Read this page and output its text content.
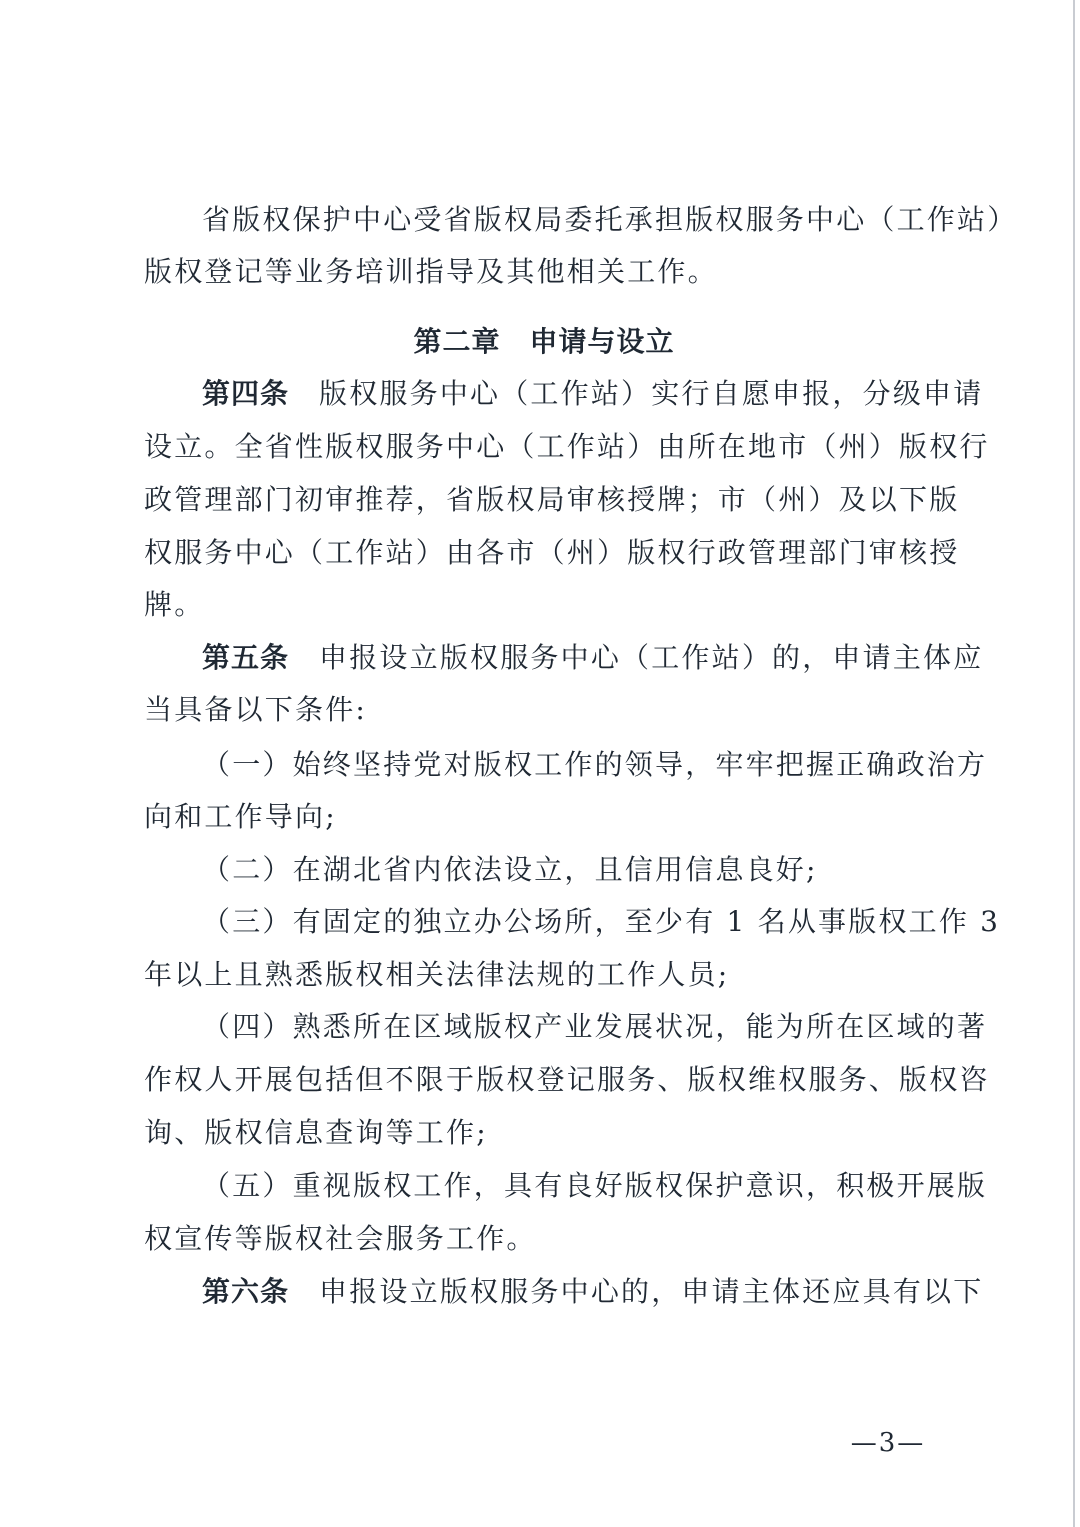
省版权保护中心受省版权局委托承担版权服务中心（工作站）
版权登记等业务培训指导及其他相关工作。
第二章　申请与设立
第四条 版权服务中心（工作站）实行自愿申报，分级申请
设立。全省性版权服务中心（工作站）由所在地市（州）版权行
政管理部门初审推荐，省版权局审核授牌；市（州）及以下版
权服务中心（工作站）由各市（州）版权行政管理部门审核授
牌。
第五条 申报设立版权服务中心（工作站）的，申请主体应
当具备以下条件:
（一）始终坚持党对版权工作的领导，牢牢把握正确政治方
向和工作导向;
（二）在湖北省内依法设立，且信用信息良好;
（三）有固定的独立办公场所，至少有 1 名从事版权工作 3
年以上且熟悉版权相关法律法规的工作人员;
（四）熟悉所在区域版权产业发展状况，能为所在区域的著
作权人开展包括但不限于版权登记服务、版权维权服务、版权咨
询、版权信息查询等工作;
（五）重视版权工作，具有良好版权保护意识，积极开展版
权宣传等版权社会服务工作。
第六条 申报设立版权服务中心的，申请主体还应具有以下
—3—
